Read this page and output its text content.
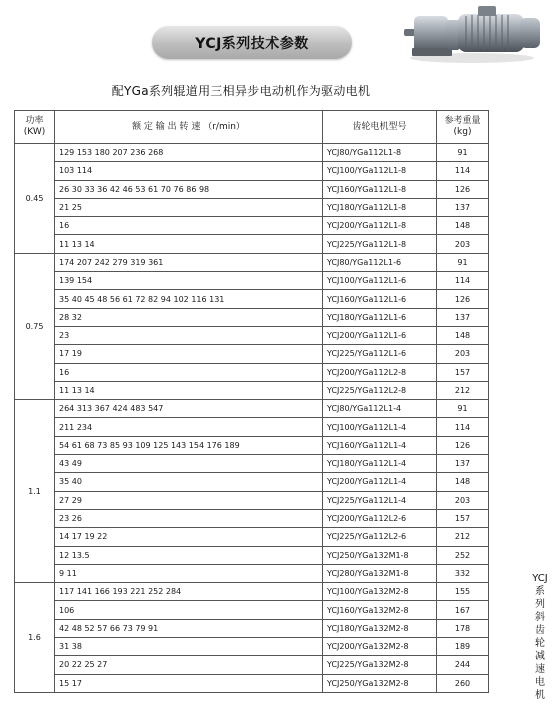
YCJ系列技术参数
配YGa系列辊道用三相异步电动机作为驱动电机
功率
(KW)	额 定 输 出 转 速 （r/min）	齿轮电机型号	参考重量
(kg)

0.45	129 153 180 207 236 268	YCJ80/YGa112L1-8	91
	103 114	YCJ100/YGa112L1-8	114
	26 30 33 36 42 46 53 61 70 76 86 98	YCJ160/YGa112L1-8	126
	21 25	YCJ180/YGa112L1-8	137
	16	YCJ200/YGa112L1-8	148
	11 13 14	YCJ225/YGa112L1-8	203
0.75	174 207 242 279 319 361	YCJ80/YGa112L1-6	91
	139 154	YCJ100/YGa112L1-6	114
	35 40 45 48 56 61 72 82 94 102 116 131	YCJ160/YGa112L1-6	126
	28 32	YCJ180/YGa112L1-6	137
	23	YCJ200/YGa112L1-6	148
	17 19	YCJ225/YGa112L1-6	203
	16	YCJ200/YGa112L2-8	157
	11 13 14	YCJ225/YGa112L2-8	212
1.1	264 313 367 424 483 547	YCJ80/YGa112L1-4	91
	211 234	YCJ100/YGa112L1-4	114
	54 61 68 73 85 93 109 125 143 154 176 189	YCJ160/YGa112L1-4	126
	43 49	YCJ180/YGa112L1-4	137
	35 40	YCJ200/YGa112L1-4	148
	27 29	YCJ225/YGa112L1-4	203
	23 26	YCJ200/YGa112L2-6	157
	14 17 19 22	YCJ225/YGa112L2-6	212
	12 13.5	YCJ250/YGa132M1-8	252
	9 11	YCJ280/YGa132M1-8	332
1.6	117 141 166 193 221 252 284	YCJ100/YGa132M2-8	155
	106	YCJ160/YGa132M2-8	167
	42 48 52 57 66 73 79 91	YCJ180/YGa132M2-8	178
	31 38	YCJ200/YGa132M2-8	189
	20 22 25 27	YCJ225/YGa132M2-8	244
	15 17	YCJ250/YGa132M2-8	260
YCJ
系
列
斜
齿
轮
减
速
电
机
